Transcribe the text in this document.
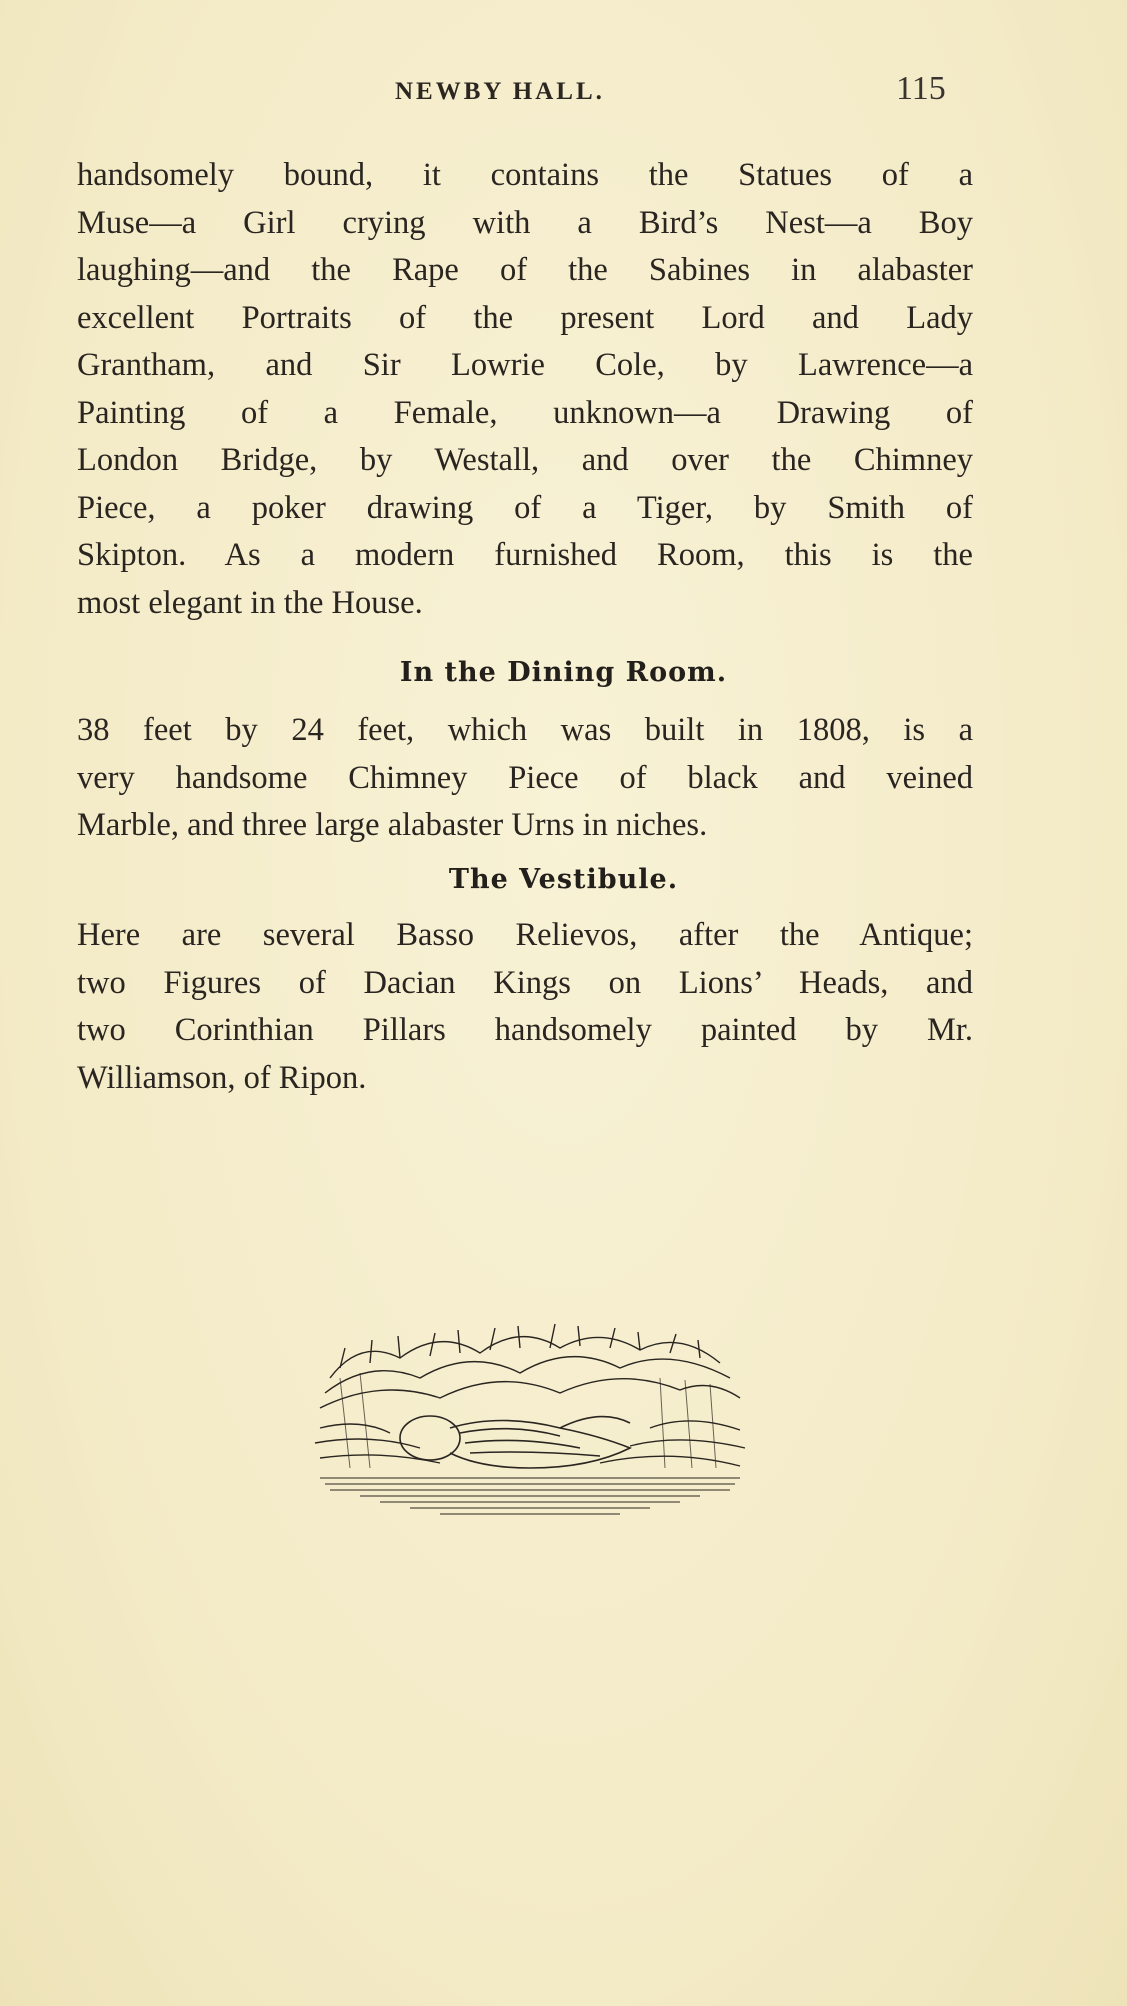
NEWBY HALL.	115
handsomely bound, it contains the Statues of a
Muse—a Girl crying with a Bird’s Nest—a Boy
laughing—and the Rape of the Sabines in alabaster
excellent Portraits of the present Lord and Lady
Grantham, and Sir Lowrie Cole, by Lawrence—a
Painting of a Female, unknown—a Drawing of
London Bridge, by Westall, and over the Chimney
Piece, a poker drawing of a Tiger, by Smith of
Skipton. As a modern furnished Room, this is the
most elegant in the House.
In the Dining Room.
38 feet by 24 feet, which was built in 1808, is a
very handsome Chimney Piece of black and veined
Marble, and three large alabaster Urns in niches.
The Vestibule.
Here are several Basso Relievos, after the Antique;
two Figures of Dacian Kings on Lions’ Heads, and
two Corinthian Pillars handsomely painted by Mr.
Williamson, of Ripon.
